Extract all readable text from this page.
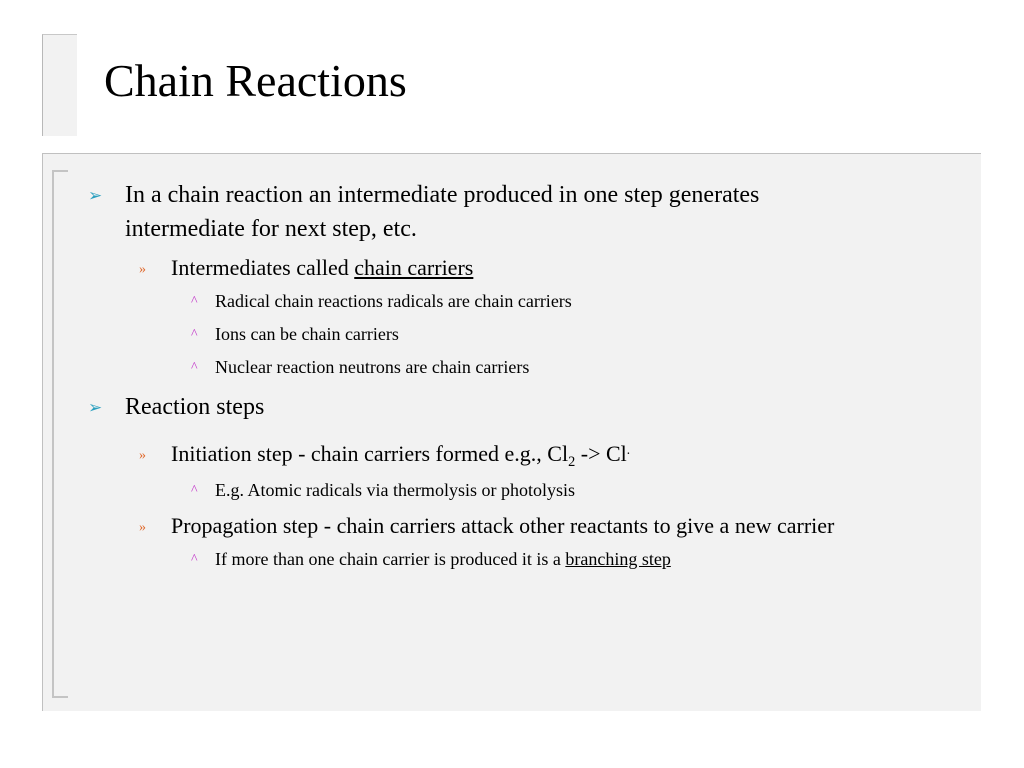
Chain Reactions
➢ In a chain reaction an intermediate produced in one step generates
intermediate for next step, etc.
» Intermediates called chain carriers
^ Radical chain reactions radicals are chain carriers
^ Ions can be chain carriers
^ Nuclear reaction neutrons are chain carriers
➢ Reaction steps
» Initiation step - chain carriers formed e.g., $Cl_2 -> Cl^.$
^ E.g. Atomic radicals via thermolysis or photolysis
» Propagation step - chain carriers attack other reactants to give a new carrier
^ If more than one chain carrier is produced it is a branching step
